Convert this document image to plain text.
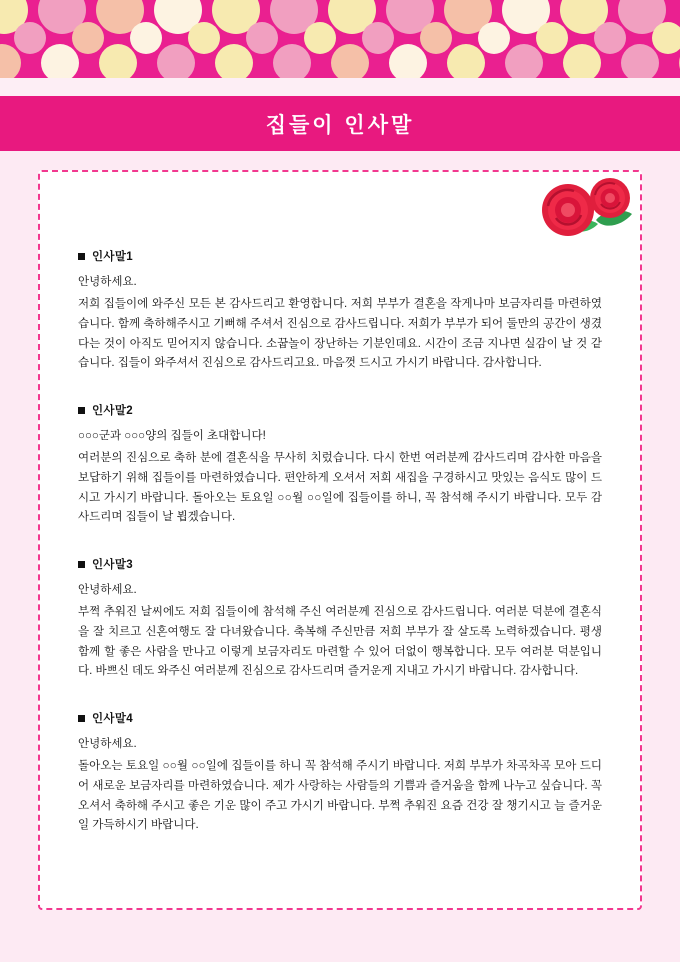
집들이 인사말
인사말1
안녕하세요.
저희 집들이에 와주신 모든 본 감사드리고 환영합니다. 저희 부부가 결혼을 작게나마 보금자리를 마련하였습니다. 함께 축하해주시고 기뻐해 주셔서 진심으로 감사드립니다. 저희가 부부가 되어 둘만의 공간이 생겼다는 것이 아직도 믿어지지 않습니다. 소꿉놀이 장난하는 기분인데요. 시간이 조금 지나면 실감이 날 것 같습니다. 집들이 와주셔서 진심으로 감사드리고요. 마음껏 드시고 가시기 바랍니다. 감사합니다.
인사말2
○○○군과 ○○○양의 집들이 초대합니다!
여러분의 진심으로 축하 분에 결혼식을 무사히 치렀습니다. 다시 한번 여러분께 감사드리며 감사한 마음을 보답하기 위해 집들이를 마련하였습니다. 편안하게 오셔서 저희 새집을 구경하시고 맛있는 음식도 많이 드시고 가시기 바랍니다. 돌아오는 토요일 ○○월 ○○일에 집들이를 하니, 꼭 참석해 주시기 바랍니다. 모두 감사드리며 집들이 날 뵙겠습니다.
인사말3
안녕하세요.
부쩍 추워진 날씨에도 저희 집들이에 참석해 주신 여러분께 진심으로 감사드립니다. 여러분 덕분에 결혼식을 잘 치르고 신혼여행도 잘 다녀왔습니다. 축복해 주신만큼 저희 부부가 잘 살도록 노력하겠습니다. 평생 함께 할 좋은 사람을 만나고 이렇게 보금자리도 마련할 수 있어 더없이 행복합니다. 모두 여러분 덕분입니다. 바쁘신 데도 와주신 여러분께 진심으로 감사드리며 즐거운게 지내고 가시기 바랍니다. 감사합니다.
인사말4
안녕하세요.
돌아오는 토요일 ○○월 ○○일에 집들이를 하니 꼭 참석해 주시기 바랍니다. 저희 부부가 차곡차곡 모아 드디어 새로운 보금자리를 마련하였습니다. 제가 사랑하는 사람들의 기쁨과 즐거움을 함께 나누고 싶습니다. 꼭 오셔서 축하해 주시고 좋은 기운 많이 주고 가시기 바랍니다. 부쩍 추워진 요즘 건강 잘 챙기시고 늘 즐거운 일 가득하시기 바랍니다.
